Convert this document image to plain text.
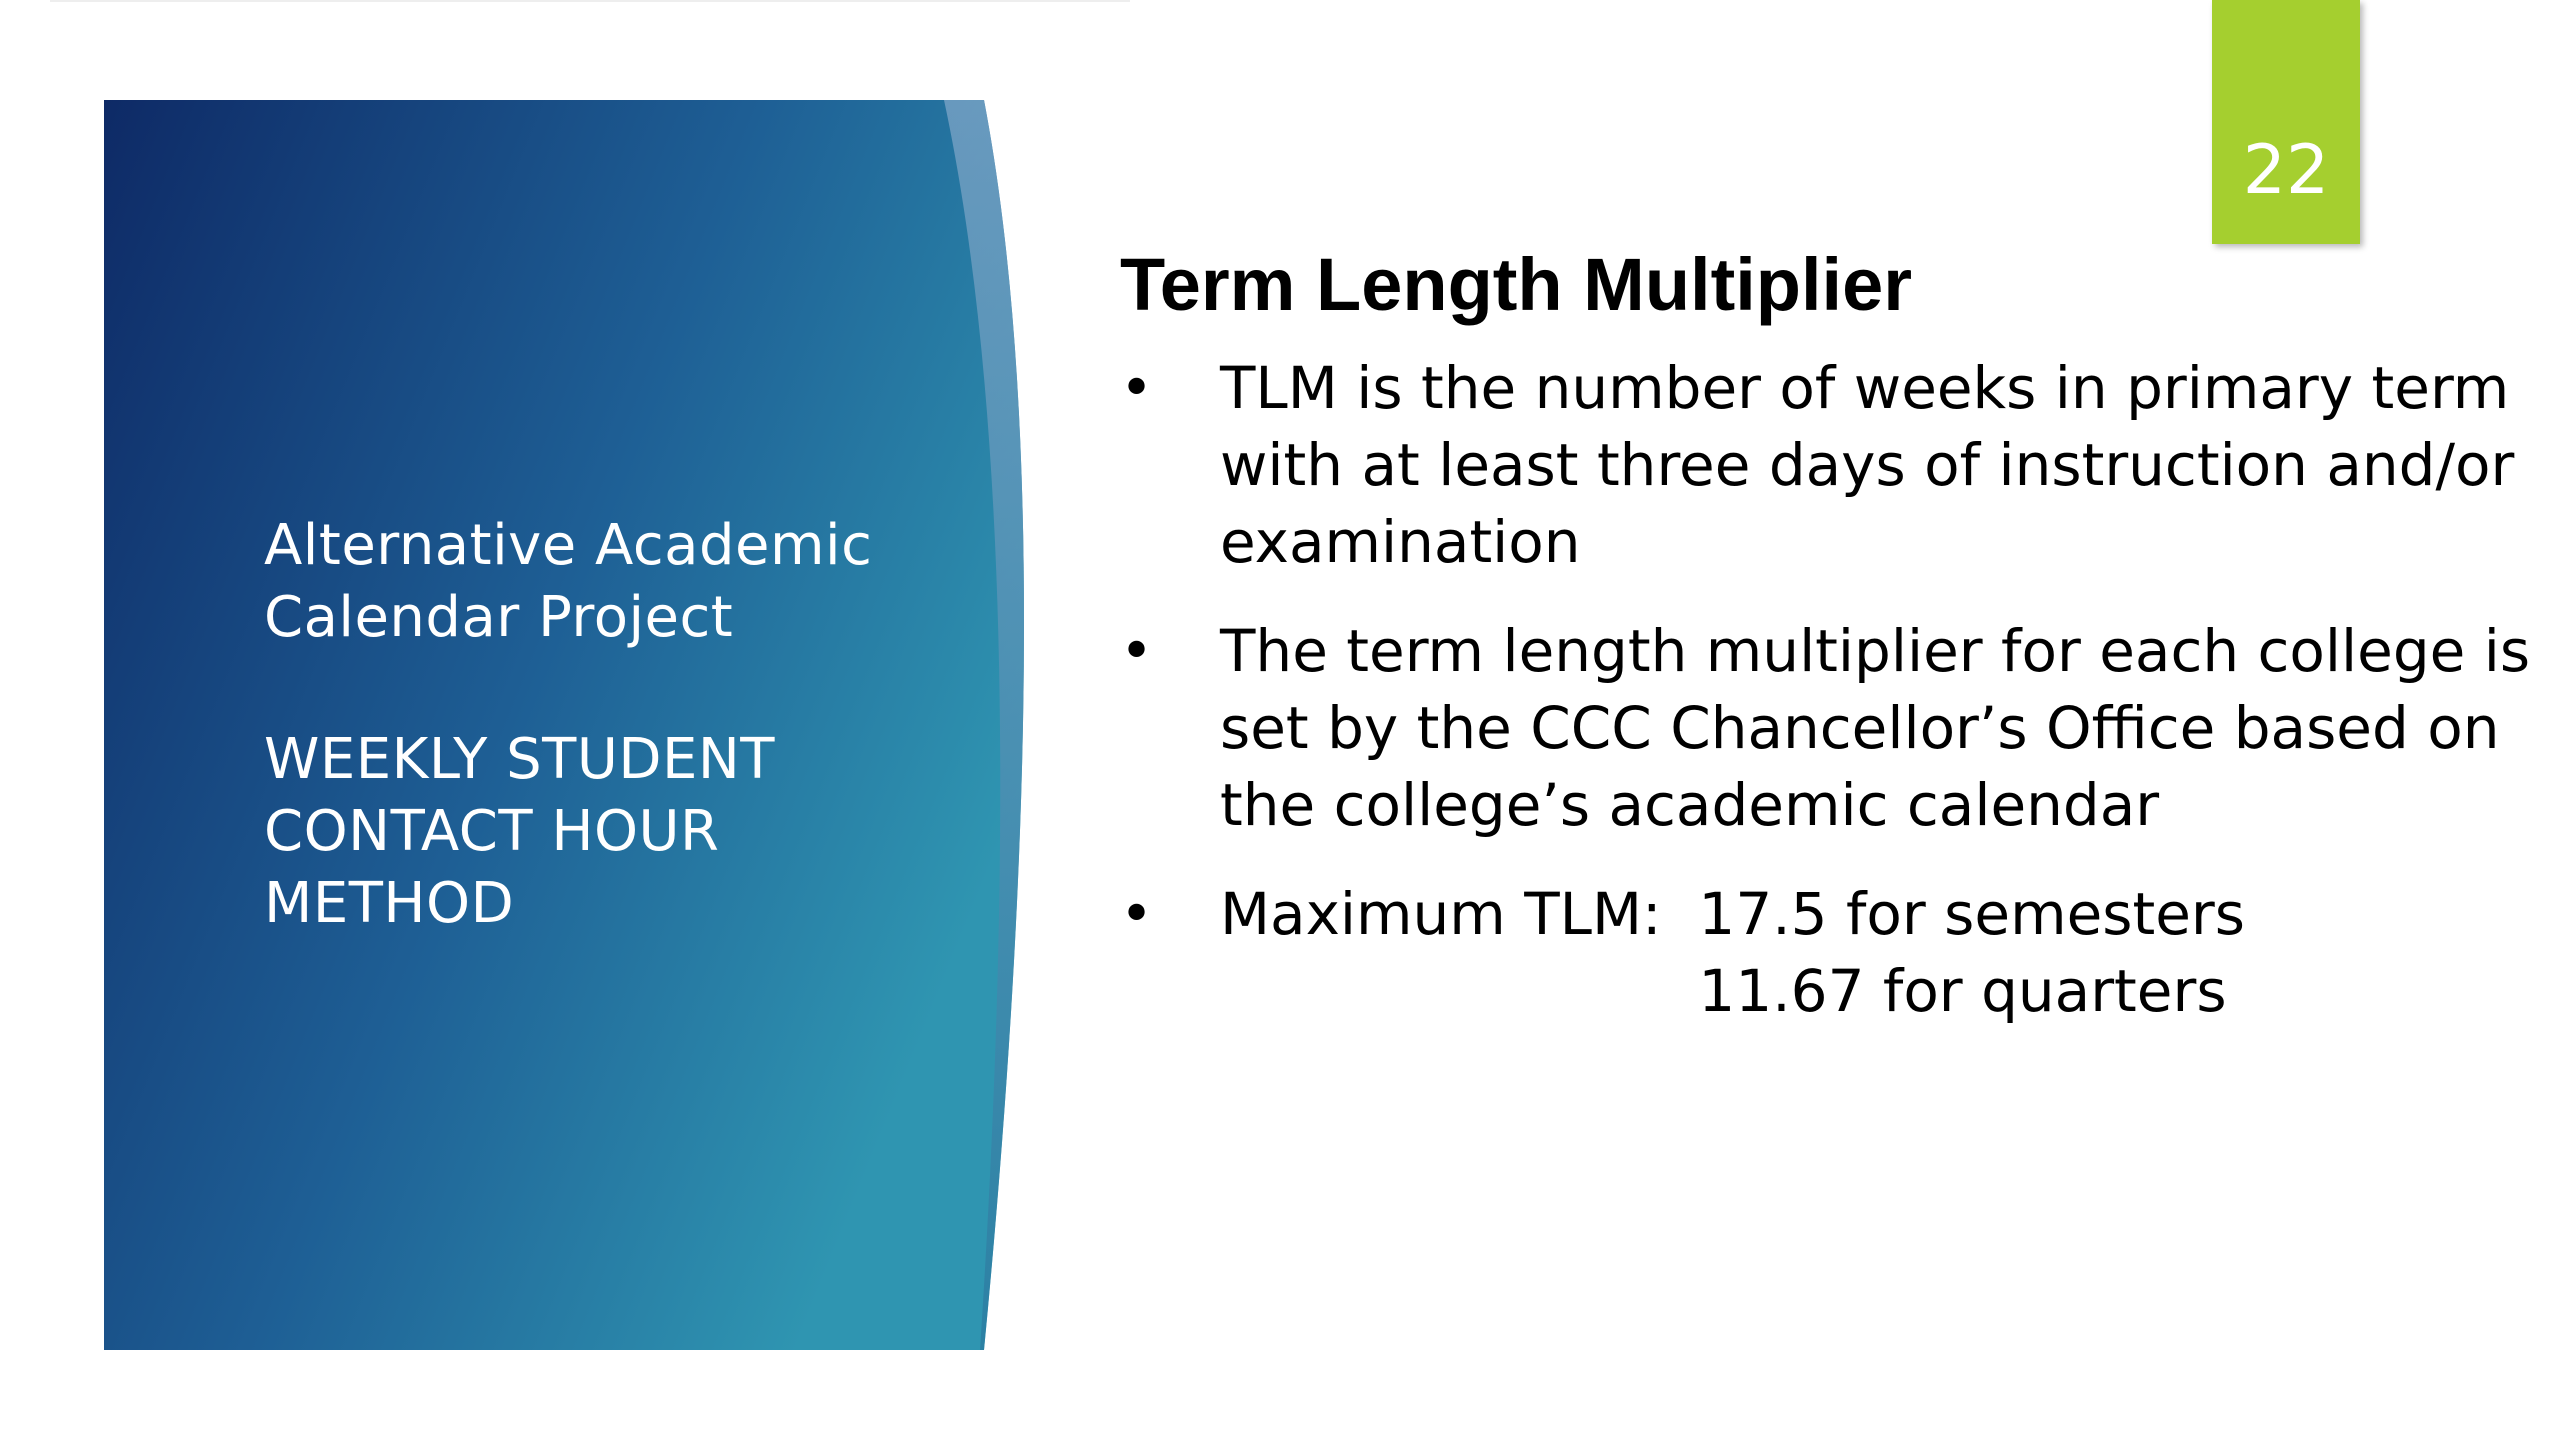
Alternative Academic
Calendar Project
WEEKLY STUDENT
CONTACT HOUR
METHOD
22
Term Length Multiplier
• TLM is the number of weeks in primary term with at least three days of instruction and/or examination
• The term length multiplier for each college is set by the CCC Chancellor’s Office based on the college’s academic calendar
• Maximum TLM: 17.5 for semesters
11.67 for quarters
